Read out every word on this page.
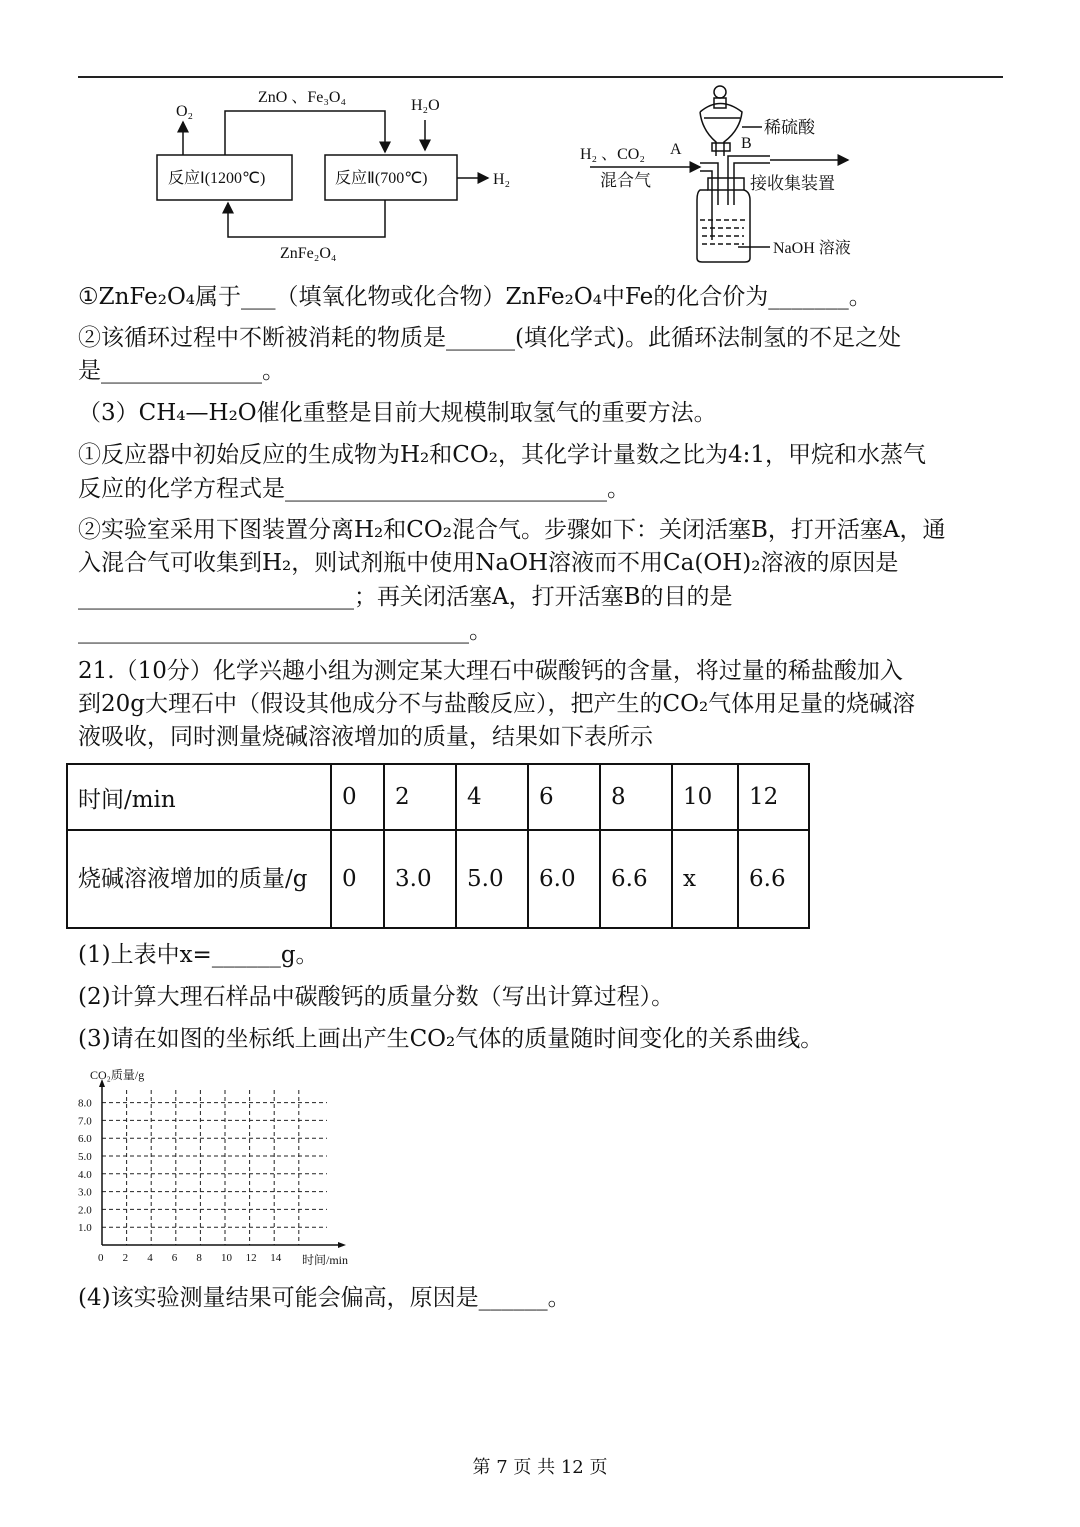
O₂
ZnO 、Fe₃O₄	H₂O
反应Ⅰ(1200℃)	反应Ⅱ(700℃)	H₂
ZnFe₂O₄
稀硫酸
B
A
H₂ 、CO₂
混合气	接收集装置
NaOH 溶液
①ZnFe₂O₄属于___（填氧化物或化合物）ZnFe₂O₄中Fe的化合价为_______。
②该循环过程中不断被消耗的物质是______(填化学式)。此循环法制氢的不足之处
是______________。
（3）CH₄—H₂O催化重整是目前大规模制取氢气的重要方法。
①反应器中初始反应的生成物为H₂和CO₂，其化学计量数之比为4:1，甲烷和水蒸气
反应的化学方程式是____________________________。
②实验室采用下图装置分离H₂和CO₂混合气。步骤如下：关闭活塞B，打开活塞A，通
入混合气可收集到H₂，则试剂瓶中使用NaOH溶液而不用Ca(OH)₂溶液的原因是
________________________；再关闭活塞A，打开活塞B的目的是
__________________________________。
21.（10分）化学兴趣小组为测定某大理石中碳酸钙的含量，将过量的稀盐酸加入
到20g大理石中（假设其他成分不与盐酸反应），把产生的CO₂气体用足量的烧碱溶
液吸收，同时测量烧碱溶液增加的质量，结果如下表所示
时间/min	0	2	4	6	8	10	12
烧碱溶液增加的质量/g	0	3.0	5.0	6.0	6.6	x	6.6
(1)上表中x=______g。
(2)计算大理石样品中碳酸钙的质量分数（写出计算过程）。
(3)请在如图的坐标纸上画出产生CO₂气体的质量随时间变化的关系曲线。
1.0
2.0
3.0
4.0
5.0
6.0
7.0
8.0
0 2 4 6 8 10 12 14
CO₂质量/g
时间/min
(4)该实验测量结果可能会偏高，原因是______。
第 7 页 共 12 页
